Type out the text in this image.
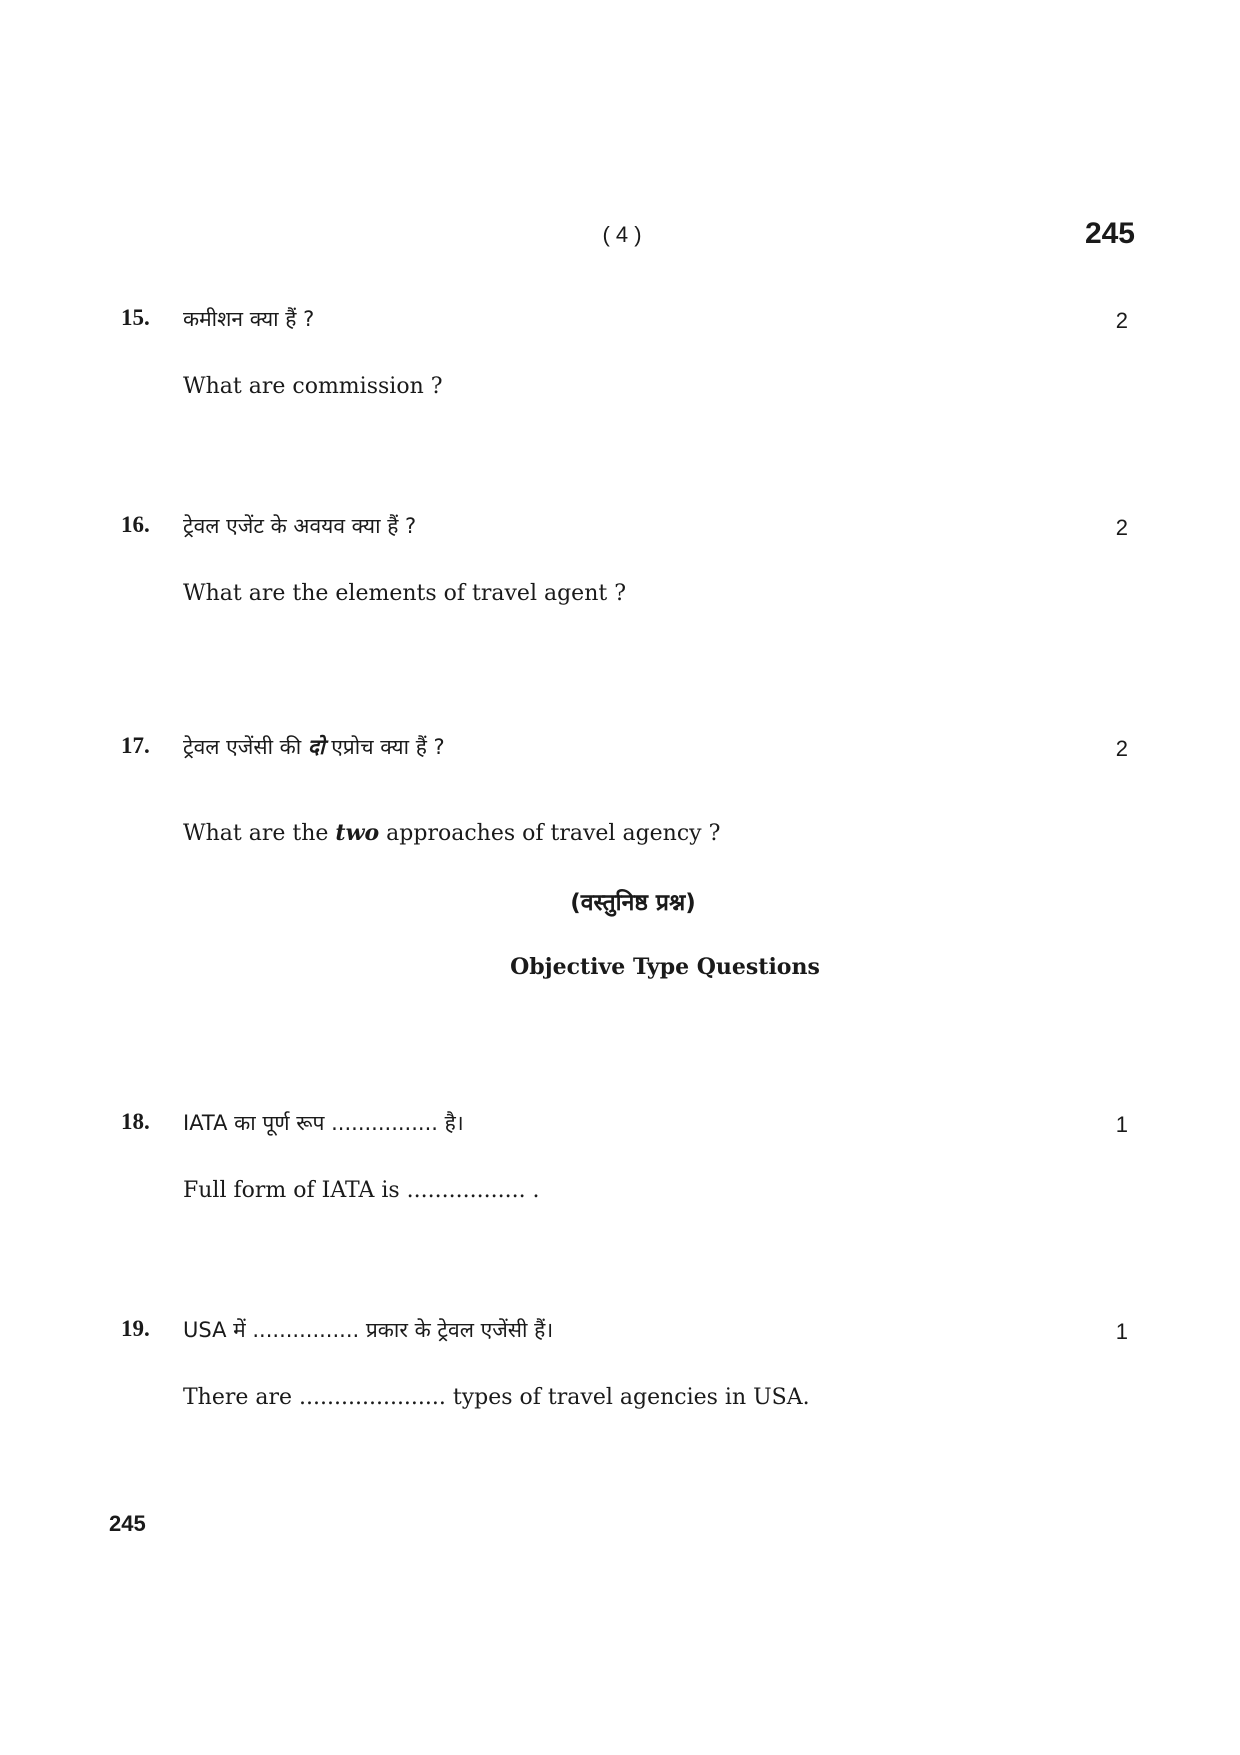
( 4 )	245
15. कमीशन क्या हैं ?	2
What are commission ?
16. ट्रेवल एजेंट के अवयव क्या हैं ?	2
What are the elements of travel agent ?
17. ट्रेवल एजेंसी की दो एप्रोच क्या हैं ?	2
What are the two approaches of travel agency ?
(वस्तुनिष्ठ प्रश्न)
Objective Type Questions
18. IATA का पूर्ण रूप ................ है।	1
Full form of IATA is ................. .
19. USA में ................ प्रकार के ट्रेवल एजेंसी हैं।	1
There are ..................... types of travel agencies in USA.
245
